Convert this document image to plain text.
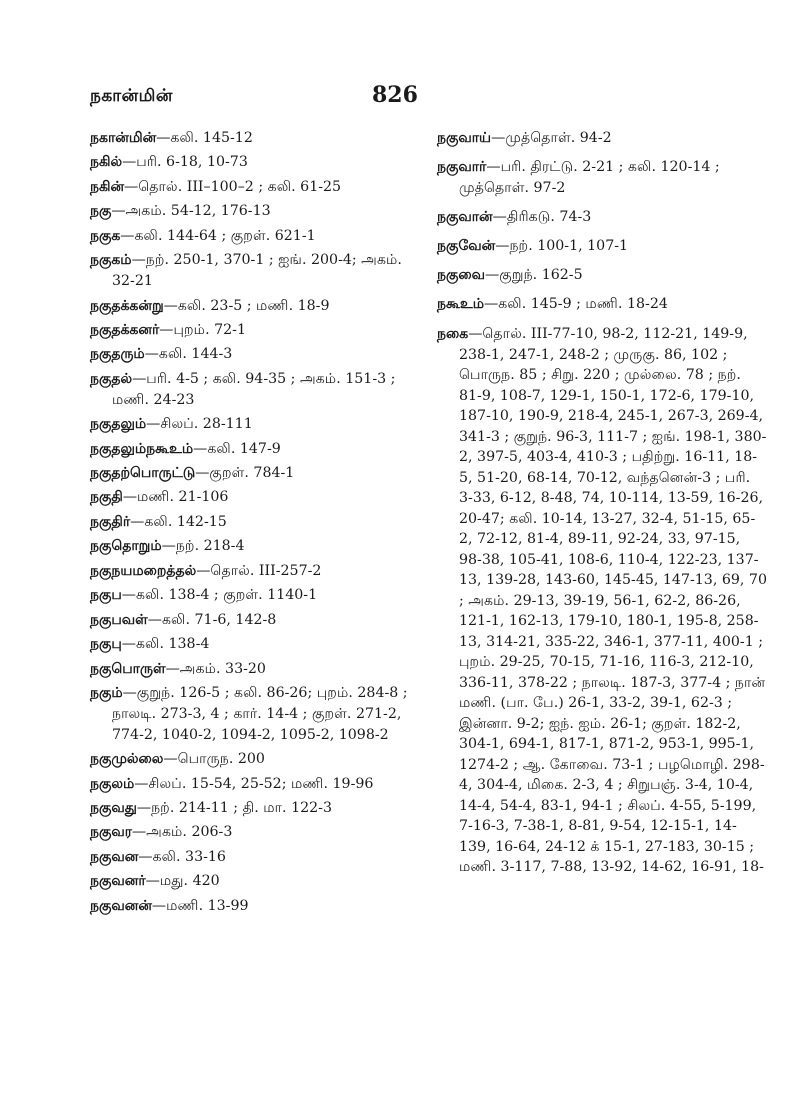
நகான்மின்	826
நகான்மின்—கலி. 145-12
நகில்—பரி. 6-18, 10-73
நகின்—தொல். III–100–2 ; கலி. 61-25
நகு—அகம். 54-12, 176-13
நகுக—கலி. 144-64 ; குறள். 621-1
நகுகம்—நற். 250-1, 370-1 ; ஐங். 200-4; அகம். 32-21
நகுதக்கன்று—கலி. 23-5 ; மணி. 18-9
நகுதக்கனர்—புறம். 72-1
நகுதரும்—கலி. 144-3
நகுதல்—பரி. 4-5 ; கலி. 94-35 ; அகம். 151-3 ; மணி. 24-23
நகுதலும்—சிலப். 28-111
நகுதலும்நகூஉம்—கலி. 147-9
நகுதற்பொருட்டு—குறள். 784-1
நகுதி—மணி. 21-106
நகுதிர்—கலி. 142-15
நகுதொறும்—நற். 218-4
நகுநயமறைத்தல்—தொல். III-257-2
நகுப—கலி. 138-4 ; குறள். 1140-1
நகுபவள்—கலி. 71-6, 142-8
நகுபு—கலி. 138-4
நகுபொருள்—அகம். 33-20
நகும்—குறுந். 126-5 ; கலி. 86-26; புறம். 284-8 ; நாலடி. 273-3, 4 ; கார். 14-4 ; குறள். 271-2, 774-2, 1040-2, 1094-2, 1095-2, 1098-2
நகுமுல்லை—பொருந. 200
நகுலம்—சிலப். 15-54, 25-52; மணி. 19-96
நகுவது—நற். 214-11 ; தி. மா. 122-3
நகுவர—அகம். 206-3
நகுவன—கலி. 33-16
நகுவனர்—மது. 420
நகுவனன்—மணி. 13-99
நகுவாய்—முத்தொள். 94-2
நகுவார்—பரி. திரட்டு. 2-21 ; கலி. 120-14 ; முத்தொள். 97-2
நகுவான்—திரிகடு. 74-3
நகுவேன்—நற். 100-1, 107-1
நகுவை—குறுந். 162-5
நகூஉம்—கலி. 145-9 ; மணி. 18-24
நகை—தொல். III-77-10, 98-2, 112-21, 149-9, 238-1, 247-1, 248-2 ; முருகு. 86, 102 ; பொருந. 85 ; சிறு. 220 ; முல்லை. 78 ; நற். 81-9, 108-7, 129-1, 150-1, 172-6, 179-10, 187-10, 190-9, 218-4, 245-1, 267-3, 269-4, 341-3 ; குறுந். 96-3, 111-7 ; ஐங். 198-1, 380-2, 397-5, 403-4, 410-3 ; பதிற்று. 16-11, 18-5, 51-20, 68-14, 70-12, வந்தனென்-3 ; பரி. 3-33, 6-12, 8-48, 74, 10-114, 13-59, 16-26, 20-47; கலி. 10-14, 13-27, 32-4, 51-15, 65-2, 72-12, 81-4, 89-11, 92-24, 33, 97-15, 98-38, 105-41, 108-6, 110-4, 122-23, 137-13, 139-28, 143-60, 145-45, 147-13, 69, 70 ; அகம். 29-13, 39-19, 56-1, 62-2, 86-26, 121-1, 162-13, 179-10, 180-1, 195-8, 258-13, 314-21, 335-22, 346-1, 377-11, 400-1 ; புறம். 29-25, 70-15, 71-16, 116-3, 212-10, 336-11, 378-22 ; நாலடி. 187-3, 377-4 ; நான் மணி. (பா. பே.) 26-1, 33-2, 39-1, 62-3 ; இன்னா. 9-2; ஐந். ஐம். 26-1; குறள். 182-2, 304-1, 694-1, 817-1, 871-2, 953-1, 995-1, 1274-2 ; ஆ. கோவை. 73-1 ; பழமொழி. 298-4, 304-4, மிகை. 2-3, 4 ; சிறுபஞ். 3-4, 10-4, 14-4, 54-4, 83-1, 94-1 ; சிலப். 4-55, 5-199, 7-16-3, 7-38-1, 8-81, 9-54, 12-15-1, 14-139, 16-64, 24-12 க் 15-1, 27-183, 30-15 ; மணி. 3-117, 7-88, 13-92, 14-62, 16-91, 18-
